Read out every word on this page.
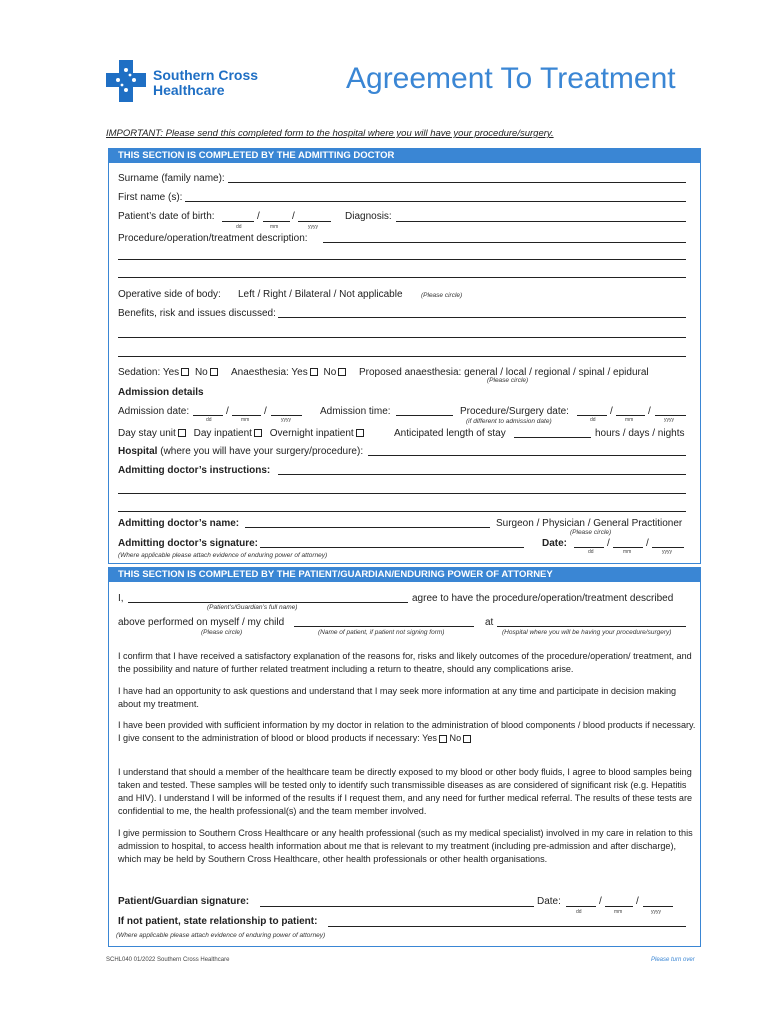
Southern Cross
Healthcare	Agreement To Treatment
IMPORTANT: Please send this completed form to the hospital where you will have your procedure/surgery.
THIS SECTION IS COMPLETED BY THE ADMITTING DOCTOR
Surname (family name):
First name (s):
Patient’s date of birth:	/	/
dd	mm	yyyy
Diagnosis:
Procedure/operation/treatment description:
Operative side of body: Left / Right / Bilateral / Not applicable	(Please circle)
Benefits, risk and issues discussed:
Sedation: Yes No	Anaesthesia: Yes No	Proposed anaesthesia: general / local / regional / spinal / epidural
(Please circle)
Admission details
Admission date:	/	/
dd	mm	yyyy
Admission time:	Procedure/Surgery date:	/	/
dd	mm	yyyy
(if different to admission date)
Day stay unit Day inpatient Overnight inpatient	Anticipated length of stay	hours / days / nights
Hospital (where you will have your surgery/procedure):
Admitting doctor’s instructions:
Admitting doctor’s name:	Surgeon / Physician / General Practitioner
(Please circle)
Admitting doctor’s signature:	Date:	/	/
dd	mm	yyyy
(Where applicable please attach evidence of enduring power of attorney)
THIS SECTION IS COMPLETED BY THE PATIENT/GUARDIAN/ENDURING POWER OF ATTORNEY
I,	agree to have the procedure/operation/treatment described
(Patient’s/Guardian’s full name)
above performed on myself / my child	at
(Please circle)	(Name of patient, if patient not signing form)	(Hospital where you will be having your procedure/surgery)

I confirm that I have received a satisfactory explanation of the reasons for, risks and likely outcomes of the procedure/operation/ treatment, and the possibility and nature of further related treatment including a return to theatre, should any complications arise.

I have had an opportunity to ask questions and understand that I may seek more information at any time and participate in decision making about my treatment.

I have been provided with sufficient information by my doctor in relation to the administration of blood components / blood products if necessary.

I give consent to the administration of blood or blood products if necessary: Yes No

I understand that should a member of the healthcare team be directly exposed to my blood or other body fluids, I agree to blood samples being taken and tested. These samples will be tested only to identify such transmissible diseases as are considered of significant risk (e.g. Hepatitis and HIV). I understand I will be informed of the results if I request them, and any need for further medical referral. The results of these tests are confidential to me, the health professional(s) and the team member involved.

I give permission to Southern Cross Healthcare or any health professional (such as my medical specialist) involved in my care in relation to this admission to hospital, to access health information about me that is relevant to my treatment (including pre-admission and after discharge), which may be held by Southern Cross Healthcare, other health professionals or other health organisations.

Patient/Guardian signature:	Date:	/	/
dd	mm	yyyy
If not patient, state relationship to patient:
(Where applicable please attach evidence of enduring power of attorney)
SCHL040 01/2022 Southern Cross Healthcare	Please turn over
